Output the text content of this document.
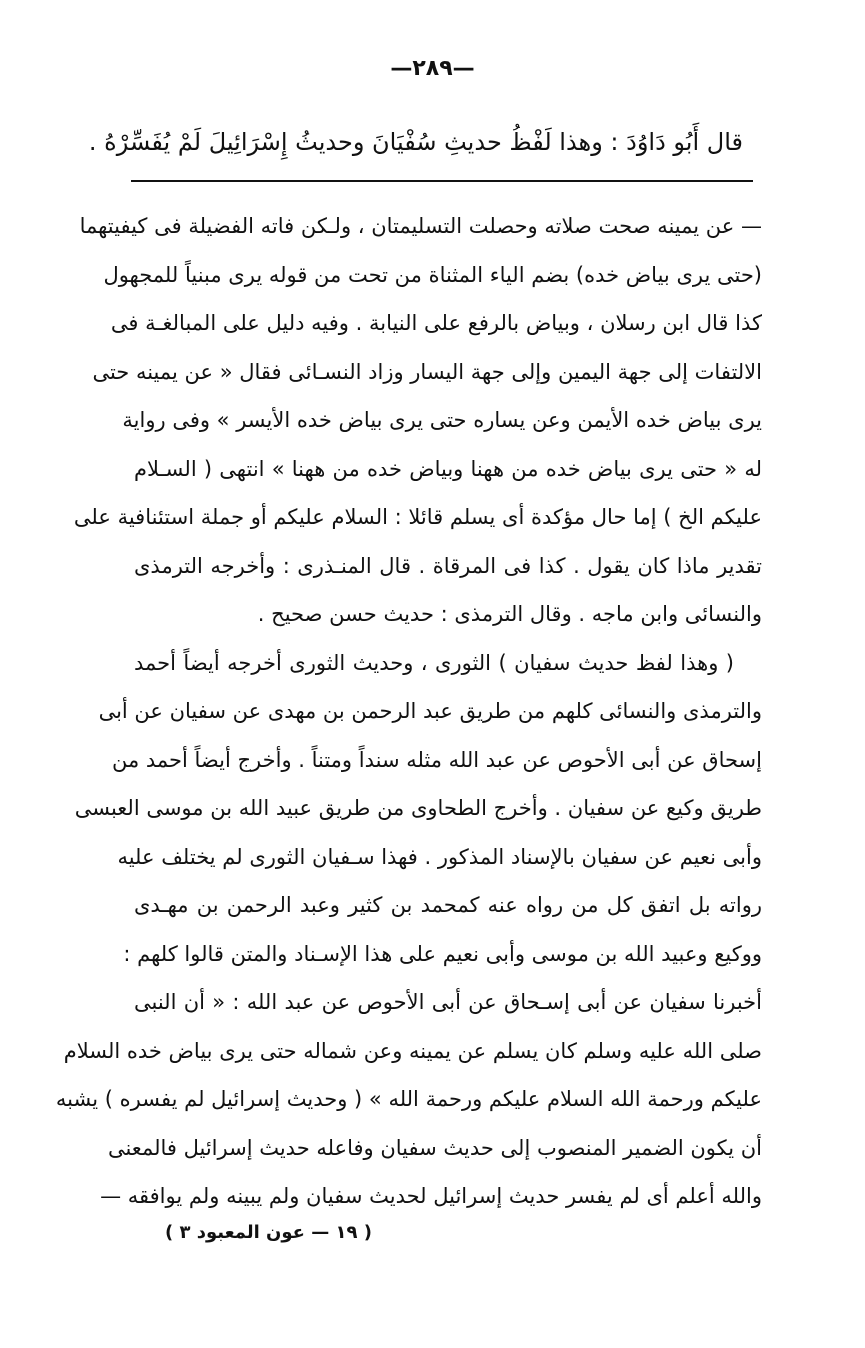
—٢٨٩—
قال أَبُو دَاوُدَ : وهذا لَفْظُ حديثِ سُفْيَانَ وحديثُ إِسْرَائِيلَ لَمْ يُفَسِّرْهُ .
— عن يمينه صحت صلاته وحصلت التسليمتان ، ولـكن فاته الفضيلة فى كيفيتهما
(حتى يرى بياض خده) بضم الياء المثناة من تحت من قوله يرى مبنياً للمجهول
كذا قال ابن رسلان ، وبياض بالرفع على النيابة . وفيه دليل على المبالغـة فى
الالتفات إلى جهة اليمين وإلى جهة اليسار وزاد النسـائى فقال « عن يمينه حتى
يرى بياض خده الأيمن وعن يساره حتى يرى بياض خده الأيسر » وفى رواية
له « حتى يرى بياض خده من ههنا وبياض خده من ههنا » انتهى ( السـلام
عليكم الخ ) إما حال مؤكدة أى يسلم قائلا : السلام عليكم أو جملة استئنافية على
تقدير ماذا كان يقول . كذا فى المرقاة . قال المنـذرى : وأخرجه الترمذى
والنسائى وابن ماجه . وقال الترمذى : حديث حسن صحيح .
( وهذا لفظ حديث سفيان ) الثورى ، وحديث الثورى أخرجه أيضاً أحمد
والترمذى والنسائى كلهم من طريق عبد الرحمن بن مهدى عن سفيان عن أبى
إسحاق عن أبى الأحوص عن عبد الله مثله سنداً ومتناً . وأخرج أيضاً أحمد من
طريق وكيع عن سفيان . وأخرج الطحاوى من طريق عبيد الله بن موسى العبسى
وأبى نعيم عن سفيان بالإسناد المذكور . فهذا سـفيان الثورى لم يختلف عليه
رواته بل اتفق كل من رواه عنه كمحمد بن كثير وعبد الرحمن بن مهـدى
ووكيع وعبيد الله بن موسى وأبى نعيم على هذا الإسـناد والمتن قالوا كلهم :
أخبرنا سفيان عن أبى إسـحاق عن أبى الأحوص عن عبد الله : « أن النبى
صلى الله عليه وسلم كان يسلم عن يمينه وعن شماله حتى يرى بياض خده السلام
عليكم ورحمة الله السلام عليكم ورحمة الله » ( وحديث إسرائيل لم يفسره ) يشبه
أن يكون الضمير المنصوب إلى حديث سفيان وفاعله حديث إسرائيل فالمعنى
والله أعلم أى لم يفسر حديث إسرائيل لحديث سفيان ولم يبينه ولم يوافقه —
( ١٩ — عون المعبود ٣ )
